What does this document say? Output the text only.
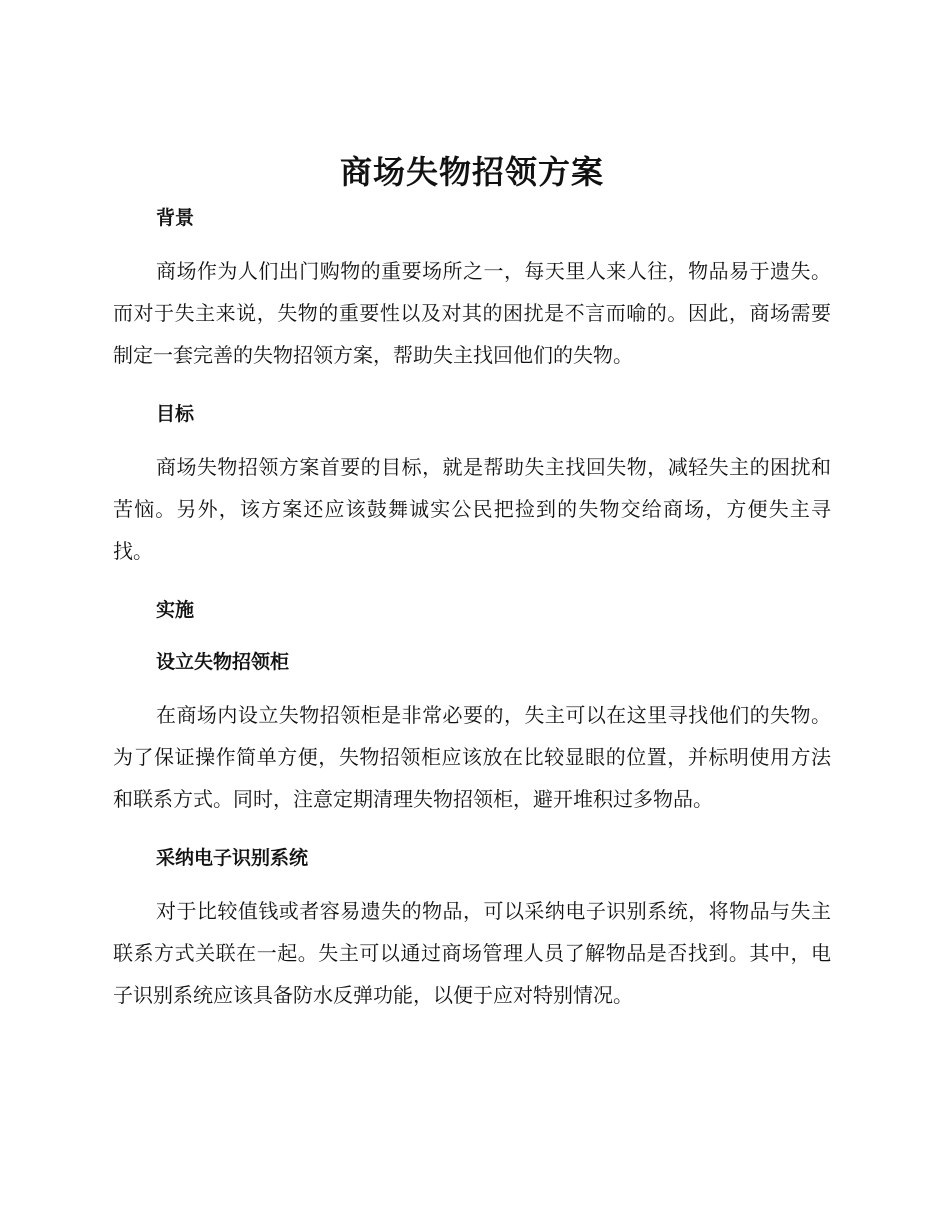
商场失物招领方案
背景

商场作为人们出门购物的重要场所之一，每天里人来人往，物品易于遗失。而对于失主来说，失物的重要性以及对其的困扰是不言而喻的。因此，商场需要制定一套完善的失物招领方案，帮助失主找回他们的失物。

目标

商场失物招领方案首要的目标，就是帮助失主找回失物，减轻失主的困扰和苦恼。另外，该方案还应该鼓舞诚实公民把捡到的失物交给商场，方便失主寻找。

实施
设立失物招领柜

在商场内设立失物招领柜是非常必要的，失主可以在这里寻找他们的失物。为了保证操作简单方便，失物招领柜应该放在比较显眼的位置，并标明使用方法和联系方式。同时，注意定期清理失物招领柜，避开堆积过多物品。

采纳电子识别系统

对于比较值钱或者容易遗失的物品，可以采纳电子识别系统，将物品与失主联系方式关联在一起。失主可以通过商场管理人员了解物品是否找到。其中，电子识别系统应该具备防水反弹功能，以便于应对特别情况。
